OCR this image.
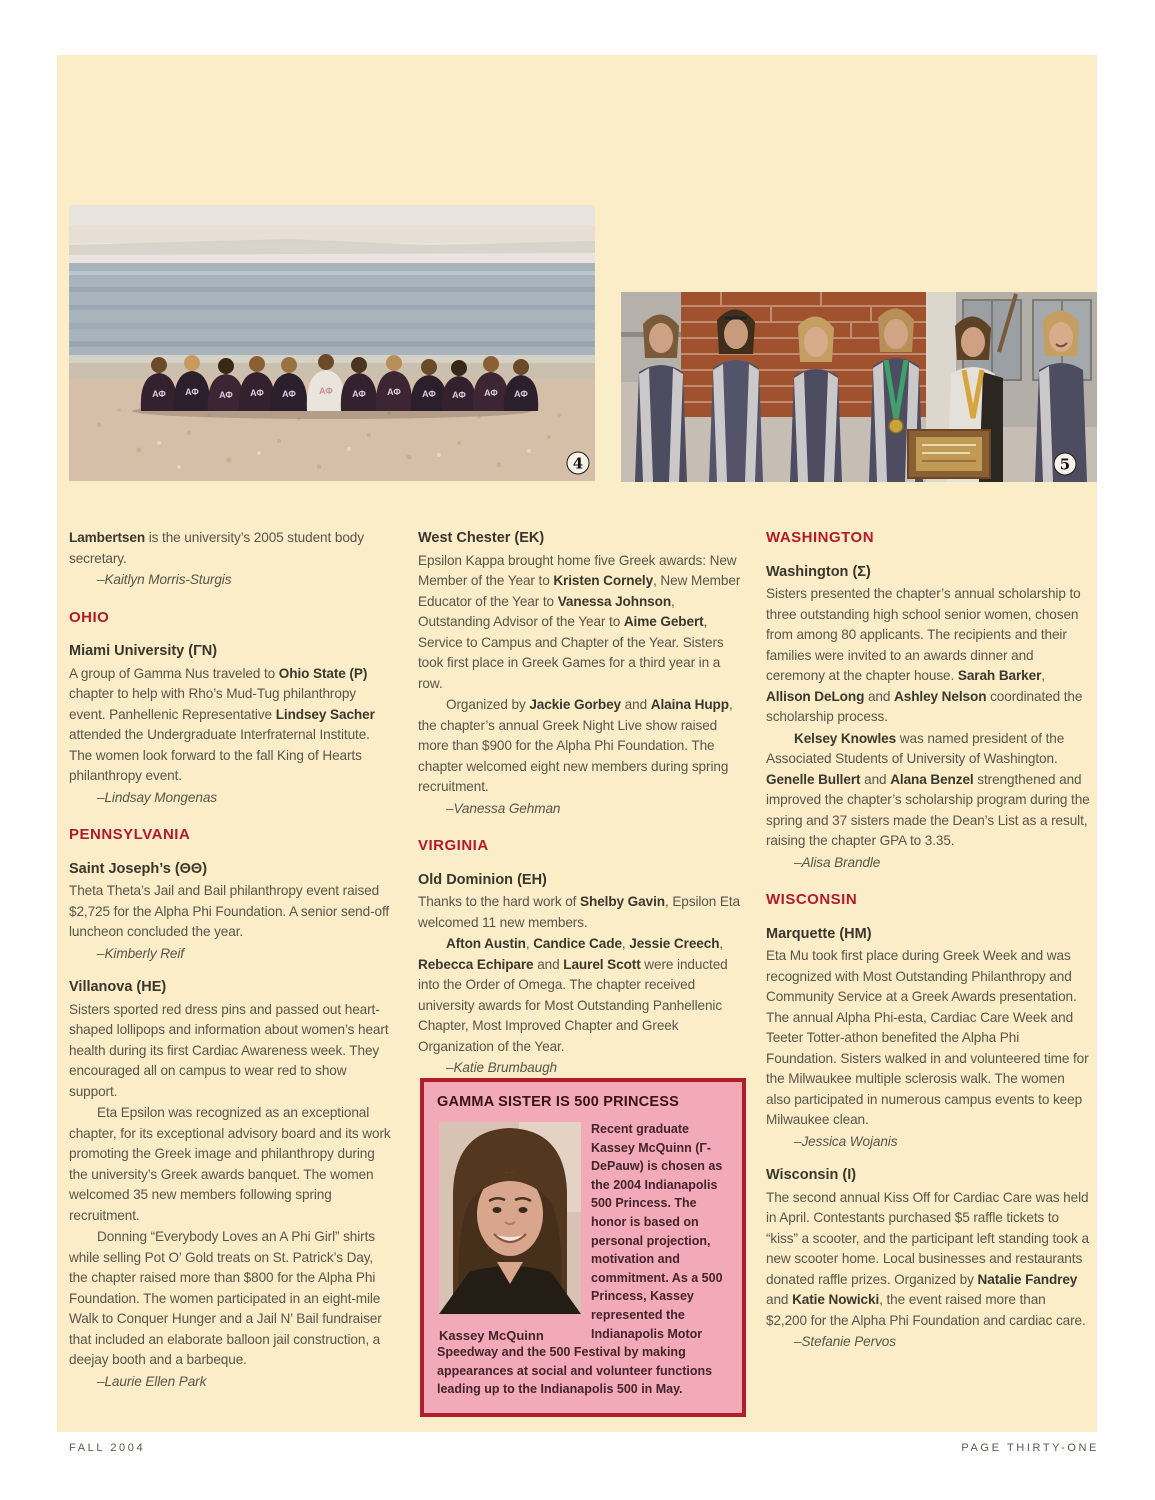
ΑΦ ΑΦ ΑΦ ΑΦ ΑΦ	ΑΦ ΑΦ ΑΦ ΑΦ ΑΦ ΑΦ ΑΦ
4	5
Lambertsen is the university’s 2005 student body secretary.
–Kaitlyn Morris-Sturgis
OHIO
Miami University (ΓΝ)
A group of Gamma Nus traveled to Ohio State (Ρ) chapter to help with Rho’s Mud-Tug philanthropy event. Panhellenic Representative Lindsey Sacher attended the Undergraduate Interfraternal Institute. The women look forward to the fall King of Hearts philanthropy event.
–Lindsay Mongenas
PENNSYLVANIA
Saint Joseph’s (ΘΘ)
Theta Theta’s Jail and Bail philanthropy event raised $2,725 for the Alpha Phi Foundation. A senior send-off luncheon concluded the year.
–Kimberly Reif
Villanova (ΗΕ)
Sisters sported red dress pins and passed out heart-shaped lollipops and information about women’s heart health during its first Cardiac Awareness week. They encouraged all on campus to wear red to show support.
Eta Epsilon was recognized as an exceptional chapter, for its exceptional advisory board and its work promoting the Greek image and philanthropy during the university’s Greek awards banquet. The women welcomed 35 new members following spring recruitment.
Donning “Everybody Loves an A Phi Girl” shirts while selling Pot O’ Gold treats on St. Patrick’s Day, the chapter raised more than $800 for the Alpha Phi Foundation. The women participated in an eight-mile Walk to Conquer Hunger and a Jail N’ Bail fundraiser that included an elaborate balloon jail construction, a deejay booth and a barbeque.
–Laurie Ellen Park
West Chester (ΕΚ)
Epsilon Kappa brought home five Greek awards: New Member of the Year to Kristen Cornely, New Member Educator of the Year to Vanessa Johnson, Outstanding Advisor of the Year to Aime Gebert, Service to Campus and Chapter of the Year. Sisters took first place in Greek Games for a third year in a row.
Organized by Jackie Gorbey and Alaina Hupp, the chapter’s annual Greek Night Live show raised more than $900 for the Alpha Phi Foundation. The chapter welcomed eight new members during spring recruitment.
–Vanessa Gehman
VIRGINIA
Old Dominion (ΕΗ)
Thanks to the hard work of Shelby Gavin, Epsilon Eta welcomed 11 new members.
Afton Austin, Candice Cade, Jessie Creech, Rebecca Echipare and Laurel Scott were inducted into the Order of Omega. The chapter received university awards for Most Outstanding Panhellenic Chapter, Most Improved Chapter and Greek Organization of the Year.
–Katie Brumbaugh
WASHINGTON
Washington (Σ)
Sisters presented the chapter’s annual scholarship to three outstanding high school senior women, chosen from among 80 applicants. The recipients and their families were invited to an awards dinner and ceremony at the chapter house. Sarah Barker, Allison DeLong and Ashley Nelson coordinated the scholarship process.
Kelsey Knowles was named president of the Associated Students of University of Washington. Genelle Bullert and Alana Benzel strengthened and improved the chapter’s scholarship program during the spring and 37 sisters made the Dean’s List as a result, raising the chapter GPA to 3.35.
–Alisa Brandle
WISCONSIN
Marquette (ΗΜ)
Eta Mu took first place during Greek Week and was recognized with Most Outstanding Philanthropy and Community Service at a Greek Awards presentation. The annual Alpha Phi-esta, Cardiac Care Week and Teeter Totter-athon benefited the Alpha Phi Foundation. Sisters walked in and volunteered time for the Milwaukee multiple sclerosis walk. The women also participated in numerous campus events to keep Milwaukee clean.
–Jessica Wojanis
Wisconsin (Ι)
The second annual Kiss Off for Cardiac Care was held in April. Contestants purchased $5 raffle tickets to “kiss” a scooter, and the participant left standing took a new scooter home. Local businesses and restaurants donated raffle prizes. Organized by Natalie Fandrey and Katie Nowicki, the event raised more than $2,200 for the Alpha Phi Foundation and cardiac care.
–Stefanie Pervos
GAMMA SISTER IS 500 PRINCESS
Kassey McQuinn
Recent graduate Kassey McQuinn (Γ-DePauw) is chosen as the 2004 Indianapolis 500 Princess. The honor is based on personal projection, motivation and commitment. As a 500 Princess, Kassey represented the Indianapolis Motor Speedway and the 500 Festival by making appearances at social and volunteer functions leading up to the Indianapolis 500 in May.
FALL 2004	PAGE THIRTY-ONE
